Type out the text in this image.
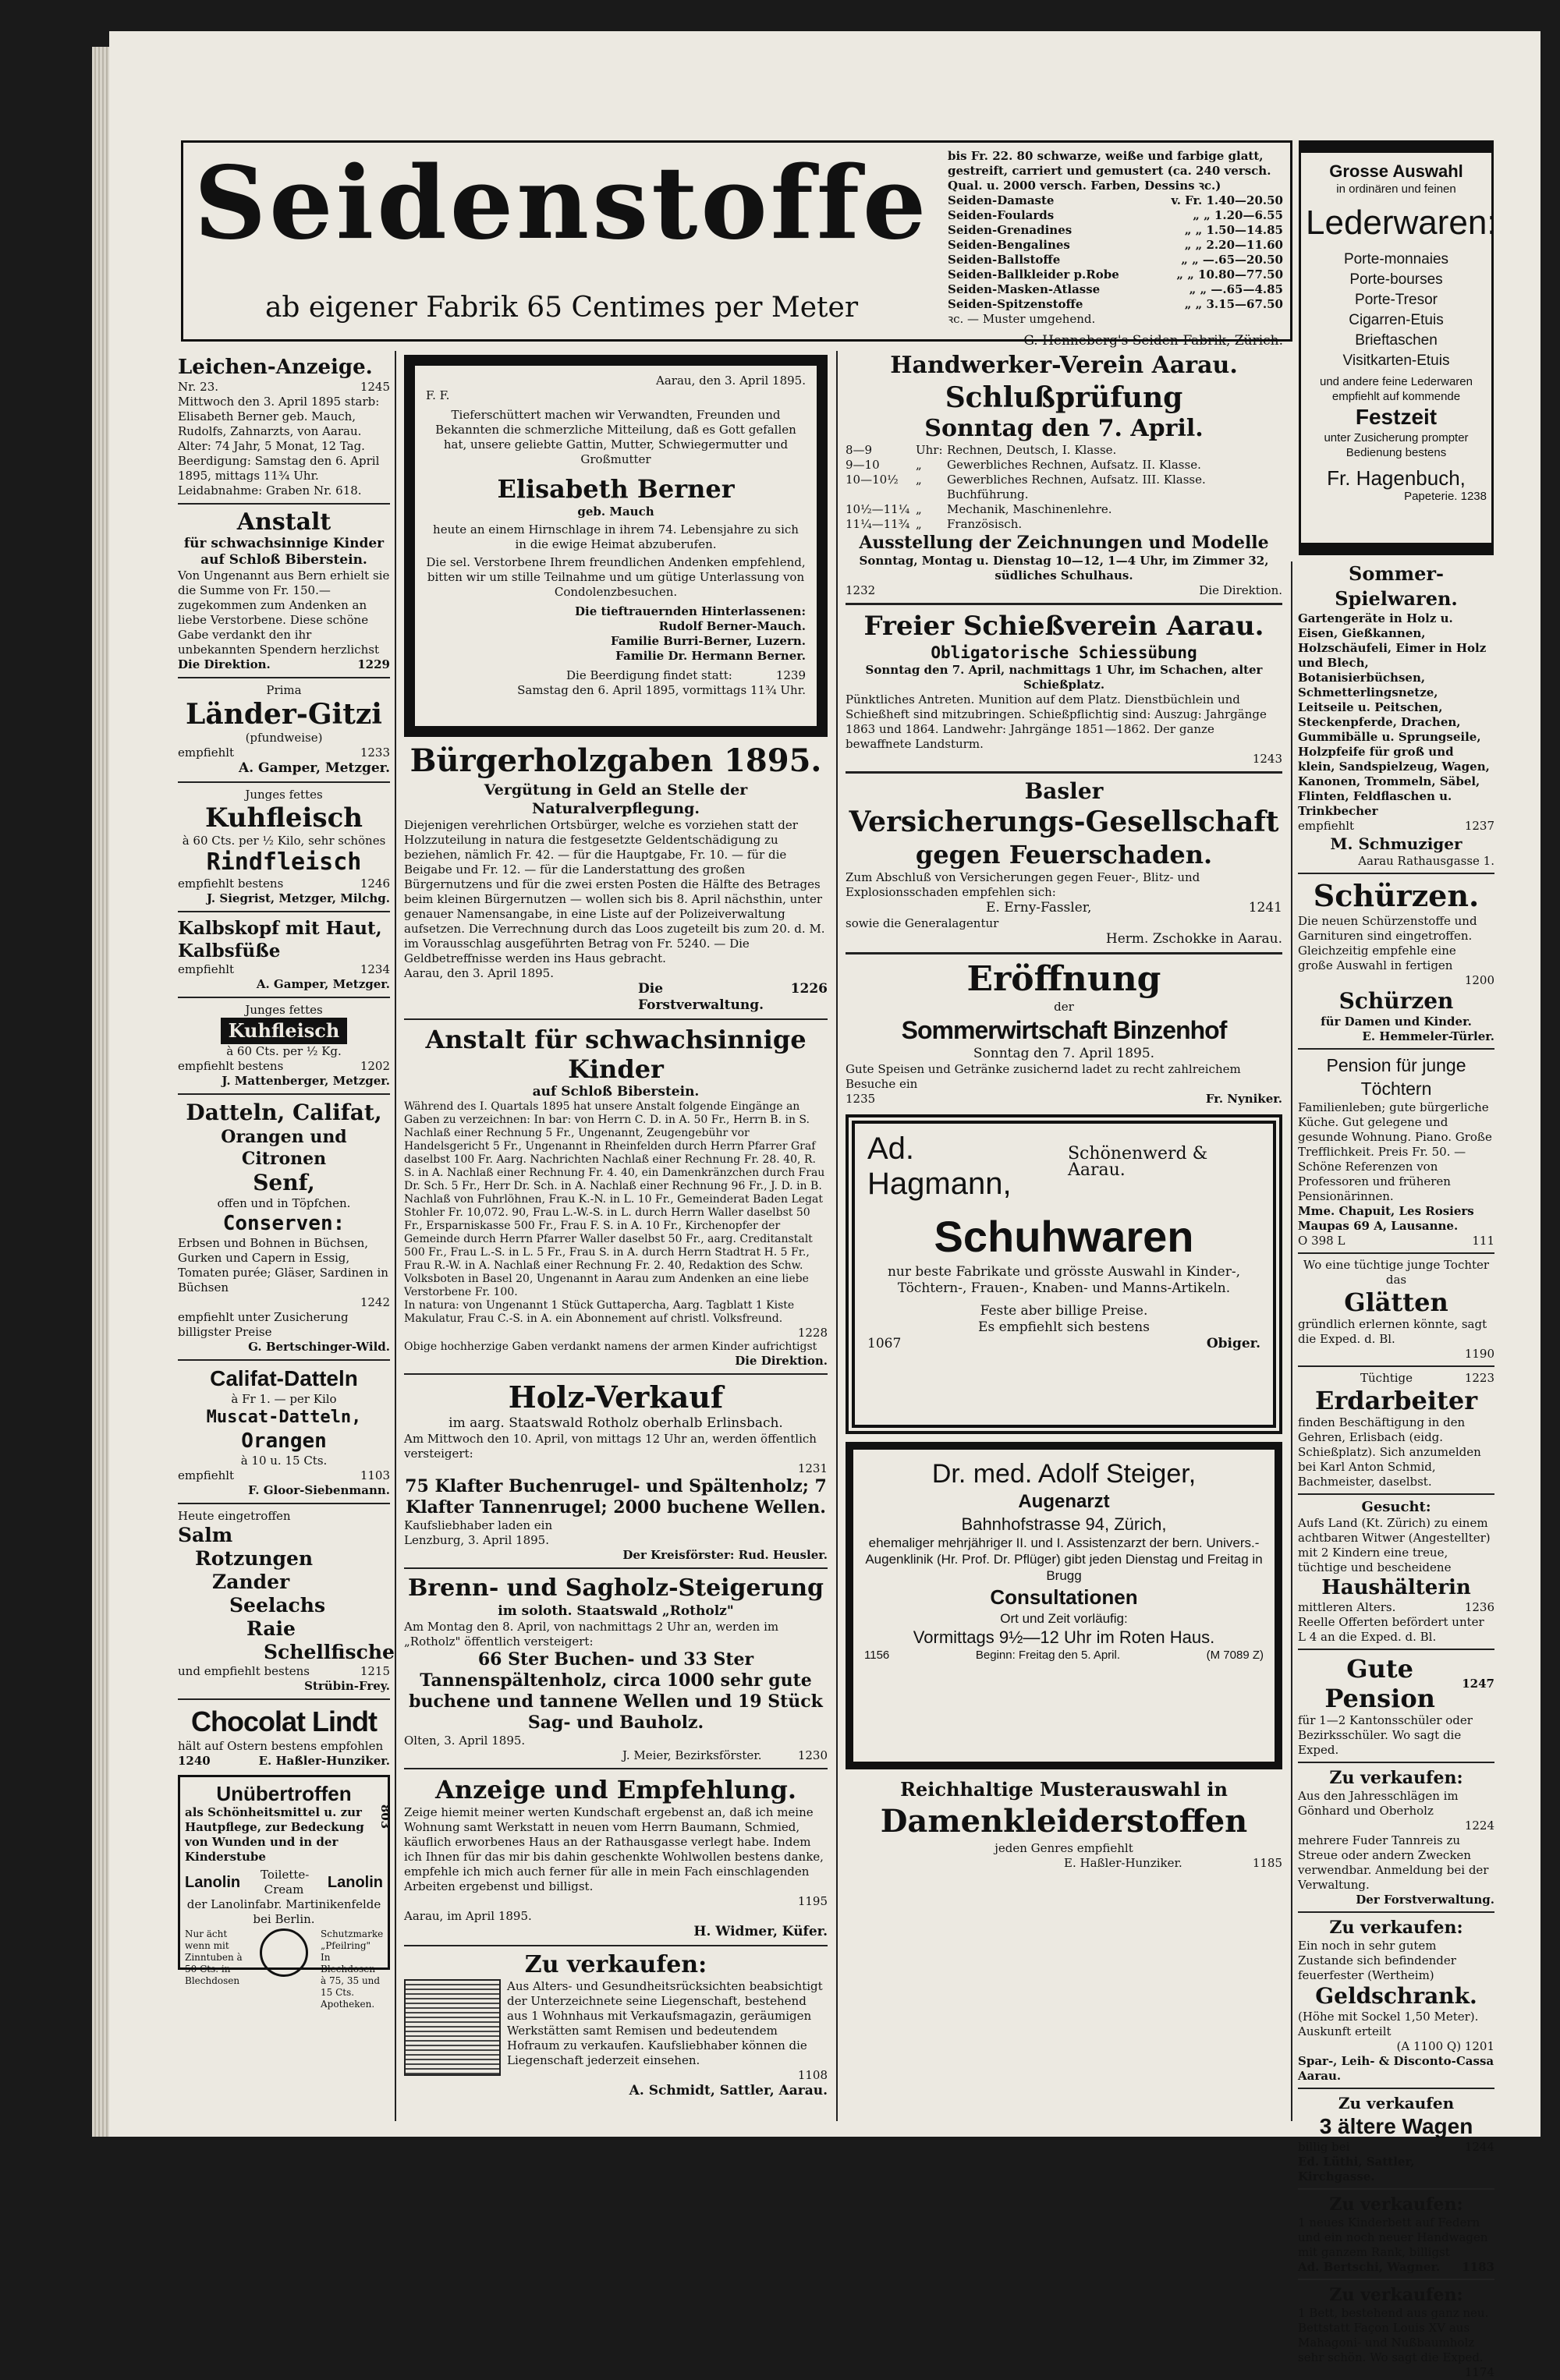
Seidenstoffe
ab eigener Fabrik 65 Centimes per Meter

bis Fr. 22. 80 schwarze, weiße und farbige glatt, gestreift, carriert und gemustert (ca. 240 versch. Qual. u. 2000 versch. Farben, Dessins ꝛc.)

Seiden-Damaste	v. Fr. 1.40—20.50
Seiden-Foulards	„ „ 1.20—6.55
Seiden-Grenadines	„ „ 1.50—14.85
Seiden-Bengalines	„ „ 2.20—11.60
Seiden-Ballstoffe	„ „ —.65—20.50
Seiden-Ballkleider p.Robe	„ „ 10.80—77.50
Seiden-Masken-Atlasse	„ „ —.65—4.85
Seiden-Spitzenstoffe	„ „ 3.15—67.50

ꝛc. — Muster umgehend.

G. Henneberg's Seiden-Fabrik, Zürich.

Grosse Auswahl

in ordinären und feinen

Lederwaren:

Porte-monnaies
Porte-bourses
Porte-Tresor
Cigarren-Etuis
Brieftaschen
Visitkarten-Etuis

und andere feine Lederwaren empfiehlt auf kommende

Festzeit

unter Zusicherung prompter Bedienung bestens

Fr. Hagenbuch,

Papeterie. 1238

Leichen-Anzeige.
Nr. 23.	1245

Mittwoch den 3. April 1895 starb: Elisabeth Berner geb. Mauch, Rudolfs, Zahnarzts, von Aarau. Alter: 74 Jahr, 5 Monat, 12 Tag. Beerdigung: Samstag den 6. April 1895, mittags 11¾ Uhr. Leidabnahme: Graben Nr. 618.

Anstalt

für schwachsinnige Kinder auf Schloß Biberstein.

Von Ungenannt aus Bern erhielt sie die Summe von Fr. 150.— zugekommen zum Andenken an liebe Verstorbene. Diese schöne Gabe verdankt den ihr unbekannten Spendern herzlichst

Die Direktion.	1229

Prima

Länder-Gitzi

(pfundweise)

empfiehlt	1233

A. Gamper, Metzger.

Junges fettes

Kuhfleisch

à 60 Cts. per ½ Kilo, sehr schönes

Rindfleisch

empfiehlt bestens	1246

J. Siegrist, Metzger, Milchg.

Kalbskopf mit Haut, Kalbsfüße

empfiehlt	1234

A. Gamper, Metzger.

Junges fettes

Kuhfleisch

à 60 Cts. per ½ Kg.

empfiehlt bestens	1202

J. Mattenberger, Metzger.

Datteln, Califat,

Orangen und Citronen

Senf,

offen und in Töpfchen.

Conserven:

Erbsen und Bohnen in Büchsen, Gurken und Capern in Essig, Tomaten purée; Gläser, Sardinen in Büchsen

1242

empfiehlt unter Zusicherung billigster Preise

G. Bertschinger-Wild.

Califat-Datteln

à Fr 1. — per Kilo

Muscat-Datteln,

Orangen

à 10 u. 15 Cts.

empfiehlt	1103

F. Gloor-Siebenmann.

Heute eingetroffen

Salm
Rotzungen
Zander
Seelachs
Raie
Schellfische
und empfiehlt bestens	1215

Strübin-Frey.

Chocolat Lindt

hält auf Ostern bestens empfohlen

1240	E. Haßler-Hunziker.

Unübertroffen

als Schönheitsmittel u. zur Hautpflege, zur Bedeckung von Wunden und in der Kinderstube

Lanolin Toilette-Cream Lanolin

der Lanolinfabr. Martinikenfelde bei Berlin.

Nur ächt wenn mit Zinntuben à 50 Cts. in Blechdosen

Schutzmarke „Pfeilring" In Blechdosen à 75, 35 und 15 Cts. Apotheken.

803

Aarau, den 3. April 1895.

F. F.

Tieferschüttert machen wir Verwandten, Freunden und Bekannten die schmerzliche Mitteilung, daß es Gott gefallen hat, unsere geliebte Gattin, Mutter, Schwiegermutter und Großmutter

Elisabeth Berner

geb. Mauch

heute an einem Hirnschlage in ihrem 74. Lebensjahre zu sich in die ewige Heimat abzuberufen.

Die sel. Verstorbene Ihrem freundlichen Andenken empfehlend, bitten wir um stille Teilnahme und um gütige Unterlassung von Condolenzbesuchen.

Die tieftrauernden Hinterlassenen:

Rudolf Berner-Mauch.
Familie Burri-Berner, Luzern.
Familie Dr. Hermann Berner.
Die Beerdigung findet statt:	1239

Samstag den 6. April 1895, vormittags 11¾ Uhr.

Bürgerholzgaben 1895.

Vergütung in Geld an Stelle der Naturalverpflegung.

Diejenigen verehrlichen Ortsbürger, welche es vorziehen statt der Holzzuteilung in natura die festgesetzte Geldentschädigung zu beziehen, nämlich Fr. 42. — für die Hauptgabe, Fr. 10. — für die Beigabe und Fr. 12. — für die Landerstattung des großen Bürgernutzens und für die zwei ersten Posten die Hälfte des Betrages beim kleinen Bürgernutzen — wollen sich bis 8. April nächsthin, unter genauer Namensangabe, in eine Liste auf der Polizeiverwaltung aufsetzen. Die Verrechnung durch das Loos zugeteilt bis zum 20. d. M. im Vorausschlag ausgeführten Betrag von Fr. 5240. — Die Geldbetreffnisse werden ins Haus gebracht.

Aarau, den 3. April 1895.

Die Forstverwaltung.
1226

Anstalt für schwachsinnige Kinder

auf Schloß Biberstein.

Während des I. Quartals 1895 hat unsere Anstalt folgende Eingänge an Gaben zu verzeichnen: In bar: von Herrn C. D. in A. 50 Fr., Herrn B. in S. Nachlaß einer Rechnung 5 Fr., Ungenannt, Zeugengebühr vor Handelsgericht 5 Fr., Ungenannt in Rheinfelden durch Herrn Pfarrer Graf daselbst 100 Fr. Aarg. Nachrichten Nachlaß einer Rechnung Fr. 28. 40, R. S. in A. Nachlaß einer Rechnung Fr. 4. 40, ein Damenkränzchen durch Frau Dr. Sch. 5 Fr., Herr Dr. Sch. in A. Nachlaß einer Rechnung 96 Fr., J. D. in B. Nachlaß von Fuhrlöhnen, Frau K.-N. in L. 10 Fr., Gemeinderat Baden Legat Stohler Fr. 10,072. 90, Frau L.-W.-S. in L. durch Herrn Waller daselbst 50 Fr., Ersparniskasse 500 Fr., Frau F. S. in A. 10 Fr., Kirchenopfer der Gemeinde durch Herrn Pfarrer Waller daselbst 50 Fr., aarg. Creditanstalt 500 Fr., Frau L.-S. in L. 5 Fr., Frau S. in A. durch Herrn Stadtrat H. 5 Fr., Frau R.-W. in A. Nachlaß einer Rechnung Fr. 2. 40, Redaktion des Schw. Volksboten in Basel 20, Ungenannt in Aarau zum Andenken an eine liebe Verstorbene Fr. 100.

In natura: von Ungenannt 1 Stück Guttapercha, Aarg. Tagblatt 1 Kiste Makulatur, Frau C.-S. in A. ein Abonnement auf christl. Volksfreund.

1228

Obige hochherzige Gaben verdankt namens der armen Kinder aufrichtigst

Die Direktion.

Holz-Verkauf

im aarg. Staatswald Rotholz oberhalb Erlinsbach.

Am Mittwoch den 10. April, von mittags 12 Uhr an, werden öffentlich versteigert:

1231

75 Klafter Buchenrugel- und Spältenholz; 7 Klafter Tannenrugel; 2000 buchene Wellen.

Kaufsliebhaber laden ein

Lenzburg, 3. April 1895.

Der Kreisförster: Rud. Heusler.

Brenn- und Sagholz-Steigerung

im soloth. Staatswald „Rotholz"

Am Montag den 8. April, von nachmittags 2 Uhr an, werden im „Rotholz" öffentlich versteigert:

66 Ster Buchen- und 33 Ster Tannenspältenholz, circa 1000 sehr gute buchene und tannene Wellen und 19 Stück Sag- und Bauholz.

Olten, 3. April 1895.

J. Meier, Bezirksförster.	1230

Anzeige und Empfehlung.

Zeige hiemit meiner werten Kundschaft ergebenst an, daß ich meine Wohnung samt Werkstatt in neuen vom Herrn Baumann, Schmied, käuflich erworbenes Haus an der Rathausgasse verlegt habe. Indem ich Ihnen für das mir bis dahin geschenkte Wohlwollen bestens danke, empfehle ich mich auch ferner für alle in mein Fach einschlagenden Arbeiten ergebenst und billigst.

1195

Aarau, im April 1895.

H. Widmer, Küfer.

Zu verkaufen:

Aus Alters- und Gesundheitsrücksichten beabsichtigt der Unterzeichnete seine Liegenschaft, bestehend aus 1 Wohnhaus mit Verkaufsmagazin, geräumigen Werkstätten samt Remisen und bedeutendem Hofraum zu verkaufen. Kaufsliebhaber können die Liegenschaft jederzeit einsehen.

1108

A. Schmidt, Sattler, Aarau.

Handwerker-Verein Aarau.

Schlußprüfung

Sonntag den 7. April.

8—9	Uhr: Rechnen, Deutsch, I. Klasse.
9—10	„	Gewerbliches Rechnen, Aufsatz. II. Klasse.
10—10½	„	Gewerbliches Rechnen, Aufsatz. III. Klasse. Buchführung.
10½—11¼ „	Mechanik, Maschinenlehre.
11¼—11¾ „	Französisch.

Ausstellung der Zeichnungen und Modelle

Sonntag, Montag u. Dienstag 10—12, 1—4 Uhr, im Zimmer 32, südliches Schulhaus.

1232	Die Direktion.

Freier Schießverein Aarau.

Obligatorische Schiessübung

Sonntag den 7. April, nachmittags 1 Uhr, im Schachen, alter Schießplatz.

Pünktliches Antreten. Munition auf dem Platz. Dienstbüchlein und Schießheft sind mitzubringen. Schießpflichtig sind: Auszug: Jahrgänge 1863 und 1864. Landwehr: Jahrgänge 1851—1862. Der ganze bewaffnete Landsturm.

1243

Basler

Versicherungs-Gesellschaft

gegen Feuerschaden.

Zum Abschluß von Versicherungen gegen Feuer-, Blitz- und Explosionsschaden empfehlen sich:

E. Erny-Fassler,	1241

sowie die Generalagentur

Herm. Zschokke in Aarau.

Eröffnung

der

Sommerwirtschaft Binzenhof

Sonntag den 7. April 1895.

Gute Speisen und Getränke zusichernd ladet zu recht zahlreichem Besuche ein

1235	Fr. Nyniker.
Ad. Hagmann,
Schönenwerd & Aarau.

Schuhwaren

nur beste Fabrikate und grösste Auswahl in Kinder-, Töchtern-, Frauen-, Knaben- und Manns-Artikeln.

Feste aber billige Preise.

Es empfiehlt sich bestens

1067	Obiger.

Dr. med. Adolf Steiger,

Augenarzt

Bahnhofstrasse 94, Zürich,

ehemaliger mehrjähriger II. und I. Assistenzarzt der bern. Univers.-Augenklinik (Hr. Prof. Dr. Pflüger) gibt jeden Dienstag und Freitag in Brugg

Consultationen

Ort und Zeit vorläufig:

Vormittags 9½—12 Uhr im Roten Haus.

1156	Beginn: Freitag den 5. April.	(M 7089 Z)

Reichhaltige Musterauswahl in

Damenkleiderstoffen

jeden Genres empfiehlt

E. Haßler-Hunziker.	1185

Sommer-Spielwaren.

Gartengeräte in Holz u. Eisen, Gießkannen, Holzschäufeli, Eimer in Holz und Blech, Botanisierbüchsen, Schmetterlingsnetze, Leitseile u. Peitschen, Steckenpferde, Drachen, Gummibälle u. Sprungseile, Holzpfeife für groß und klein, Sandspielzeug, Wagen, Kanonen, Trommeln, Säbel, Flinten, Feldflaschen u. Trinkbecher

empfiehlt	1237

M. Schmuziger

Aarau Rathausgasse 1.

Schürzen.

Die neuen Schürzenstoffe und Garnituren sind eingetroffen. Gleichzeitig empfehle eine große Auswahl in fertigen

1200

Schürzen

für Damen und Kinder.

E. Hemmeler-Türler.

Pension für junge Töchtern

Familienleben; gute bürgerliche Küche. Gut gelegene und gesunde Wohnung. Piano. Große Trefflichkeit. Preis Fr. 50. — Schöne Referenzen von Professoren und früheren Pensionärinnen.

Mme. Chapuit, Les Rosiers Maupas 69 A, Lausanne.

O 398 L	111

Wo eine tüchtige junge Tochter das

Glätten

gründlich erlernen könnte, sagt die Exped. d. Bl.

1190

Tüchtige	1223

Erdarbeiter

finden Beschäftigung in den Gehren, Erlisbach (eidg. Schießplatz). Sich anzumelden bei Karl Anton Schmid, Bachmeister, daselbst.

Gesucht:

Aufs Land (Kt. Zürich) zu einem achtbaren Witwer (Angestellter) mit 2 Kindern eine treue, tüchtige und bescheidene

Haushälterin

mittleren Alters.	1236

Reelle Offerten befördert unter L 4 an die Exped. d. Bl.

Gute Pension

1247

für 1—2 Kantonsschüler oder Bezirksschüler. Wo sagt die Exped.

Zu verkaufen:

Aus den Jahresschlägen im Gönhard und Oberholz

1224

mehrere Fuder Tannreis zu Streue oder andern Zwecken verwendbar. Anmeldung bei der Verwaltung.

Der Forstverwaltung.

Zu verkaufen:

Ein noch in sehr gutem Zustande sich befindender feuerfester (Wertheim)

Geldschrank.

(Höhe mit Sockel 1,50 Meter). Auskunft erteilt

(A 1100 Q) 1201

Spar-, Leih- & Disconto-Cassa Aarau.

Zu verkaufen

3 ältere Wagen

billig bei	1244

Ed. Lüthi, Sattler, Kirchgasse.

Zu verkaufen:

1 neues Kinderbett auf Federn und ein noch neuer Handwagen mit ganzem Rank, billigst

Ad. Bertschi, Wagner. 1183

Zu verkaufen:

1 Bett, bestehend aus ganz neu. Bettstatt Façon Louis XV aus Mahagoni- und Nußbaumholz sehr schön. Wo sagt die Exped.

1174
